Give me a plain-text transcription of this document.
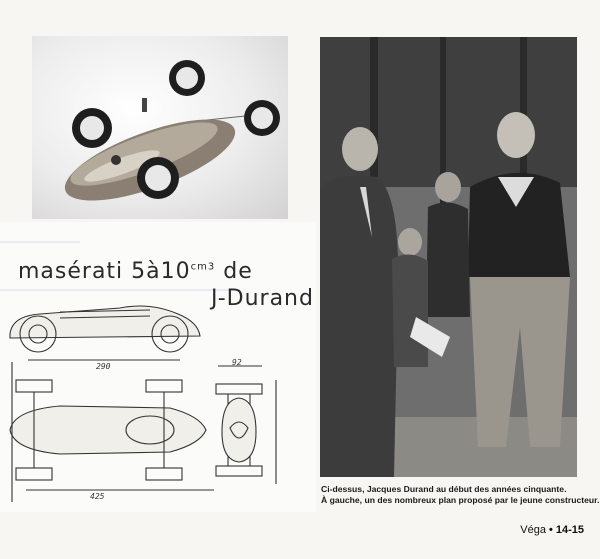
masérati $5à10^{cm3}$ de
J-Durand
290	92
425
Ci-dessus, Jacques Durand au début des années cinquante.
À gauche, un des nombreux plan proposé par le jeune constructeur.
Véga • 14-15
